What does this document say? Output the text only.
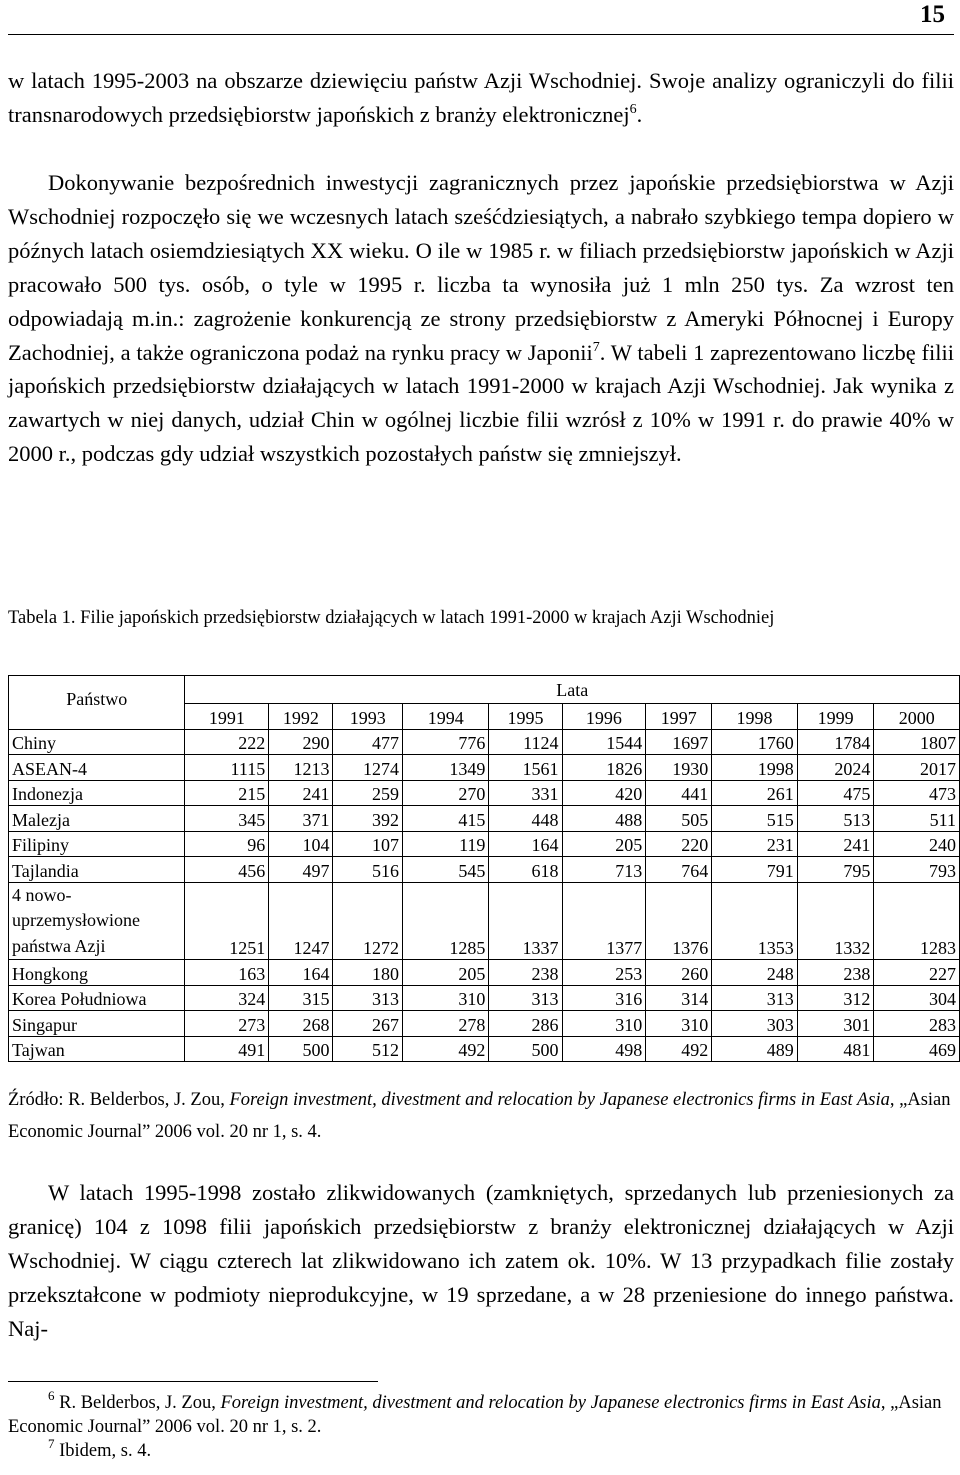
15
w latach 1995-2003 na obszarze dziewięciu państw Azji Wschodniej. Swoje analizy ograniczyli do filii transnarodowych przedsiębiorstw japońskich z branży elektronicznej$^6$.
Dokonywanie bezpośrednich inwestycji zagranicznych przez japońskie przedsiębiorstwa w Azji Wschodniej rozpoczęło się we wczesnych latach sześćdziesiątych, a nabrało szybkiego tempa dopiero w późnych latach osiemdziesiątych XX wieku. O ile w 1985 r. w filiach przedsiębiorstw japońskich w Azji pracowało 500 tys. osób, o tyle w 1995 r. liczba ta wynosiła już 1 mln 250 tys. Za wzrost ten odpowiadają m.in.: zagrożenie konkurencją ze strony przedsiębiorstw z Ameryki Północnej i Europy Zachodniej, a także ograniczona podaż na rynku pracy w Japonii$^7$. W tabeli 1 zaprezentowano liczbę filii japońskich przedsiębiorstw działających w latach 1991-2000 w krajach Azji Wschodniej. Jak wynika z zawartych w niej danych, udział Chin w ogólnej liczbie filii wzrósł z 10% w 1991 r. do prawie 40% w 2000 r., podczas gdy udział wszystkich pozostałych państw się zmniejszył.
Tabela 1. Filie japońskich przedsiębiorstw działających w latach 1991-2000 w krajach Azji Wschodniej
Państwo	Lata									
	1991	1992	1993	1994	1995	1996	1997	1998	1999	2000
Chiny	222	290	477	776	1124	1544	1697	1760	1784	1807
ASEAN-4	1115	1213	1274	1349	1561	1826	1930	1998	2024	2017
Indonezja	215	241	259	270	331	420	441	261	475	473
Malezja	345	371	392	415	448	488	505	515	513	511
Filipiny	96	104	107	119	164	205	220	231	241	240
Tajlandia	456	497	516	545	618	713	764	791	795	793
4 nowo-uprzemysłowione państwa Azji	1251	1247	1272	1285	1337	1377	1376	1353	1332	1283
Hongkong	163	164	180	205	238	253	260	248	238	227
Korea Południowa	324	315	313	310	313	316	314	313	312	304
Singapur	273	268	267	278	286	310	310	303	301	283
Tajwan	491	500	512	492	500	498	492	489	481	469
Źródło: R. Belderbos, J. Zou, Foreign investment, divestment and relocation by Japanese electronics firms in East Asia, „Asian Economic Journal” 2006 vol. 20 nr 1, s. 4.
W latach 1995-1998 zostało zlikwidowanych (zamkniętych, sprzedanych lub przeniesionych za granicę) 104 z 1098 filii japońskich przedsiębiorstw z branży elektronicznej działających w Azji Wschodniej. W ciągu czterech lat zlikwidowano ich zatem ok. 10%. W 13 przypadkach filie zostały przekształcone w podmioty nieprodukcyjne, w 19 sprzedane, a w 28 przeniesione do innego państwa. Naj-
$^6$ R. Belderbos, J. Zou, Foreign investment, divestment and relocation by Japanese electronics firms in East Asia, „Asian Economic Journal” 2006 vol. 20 nr 1, s. 2.
$^7$ Ibidem, s. 4.
